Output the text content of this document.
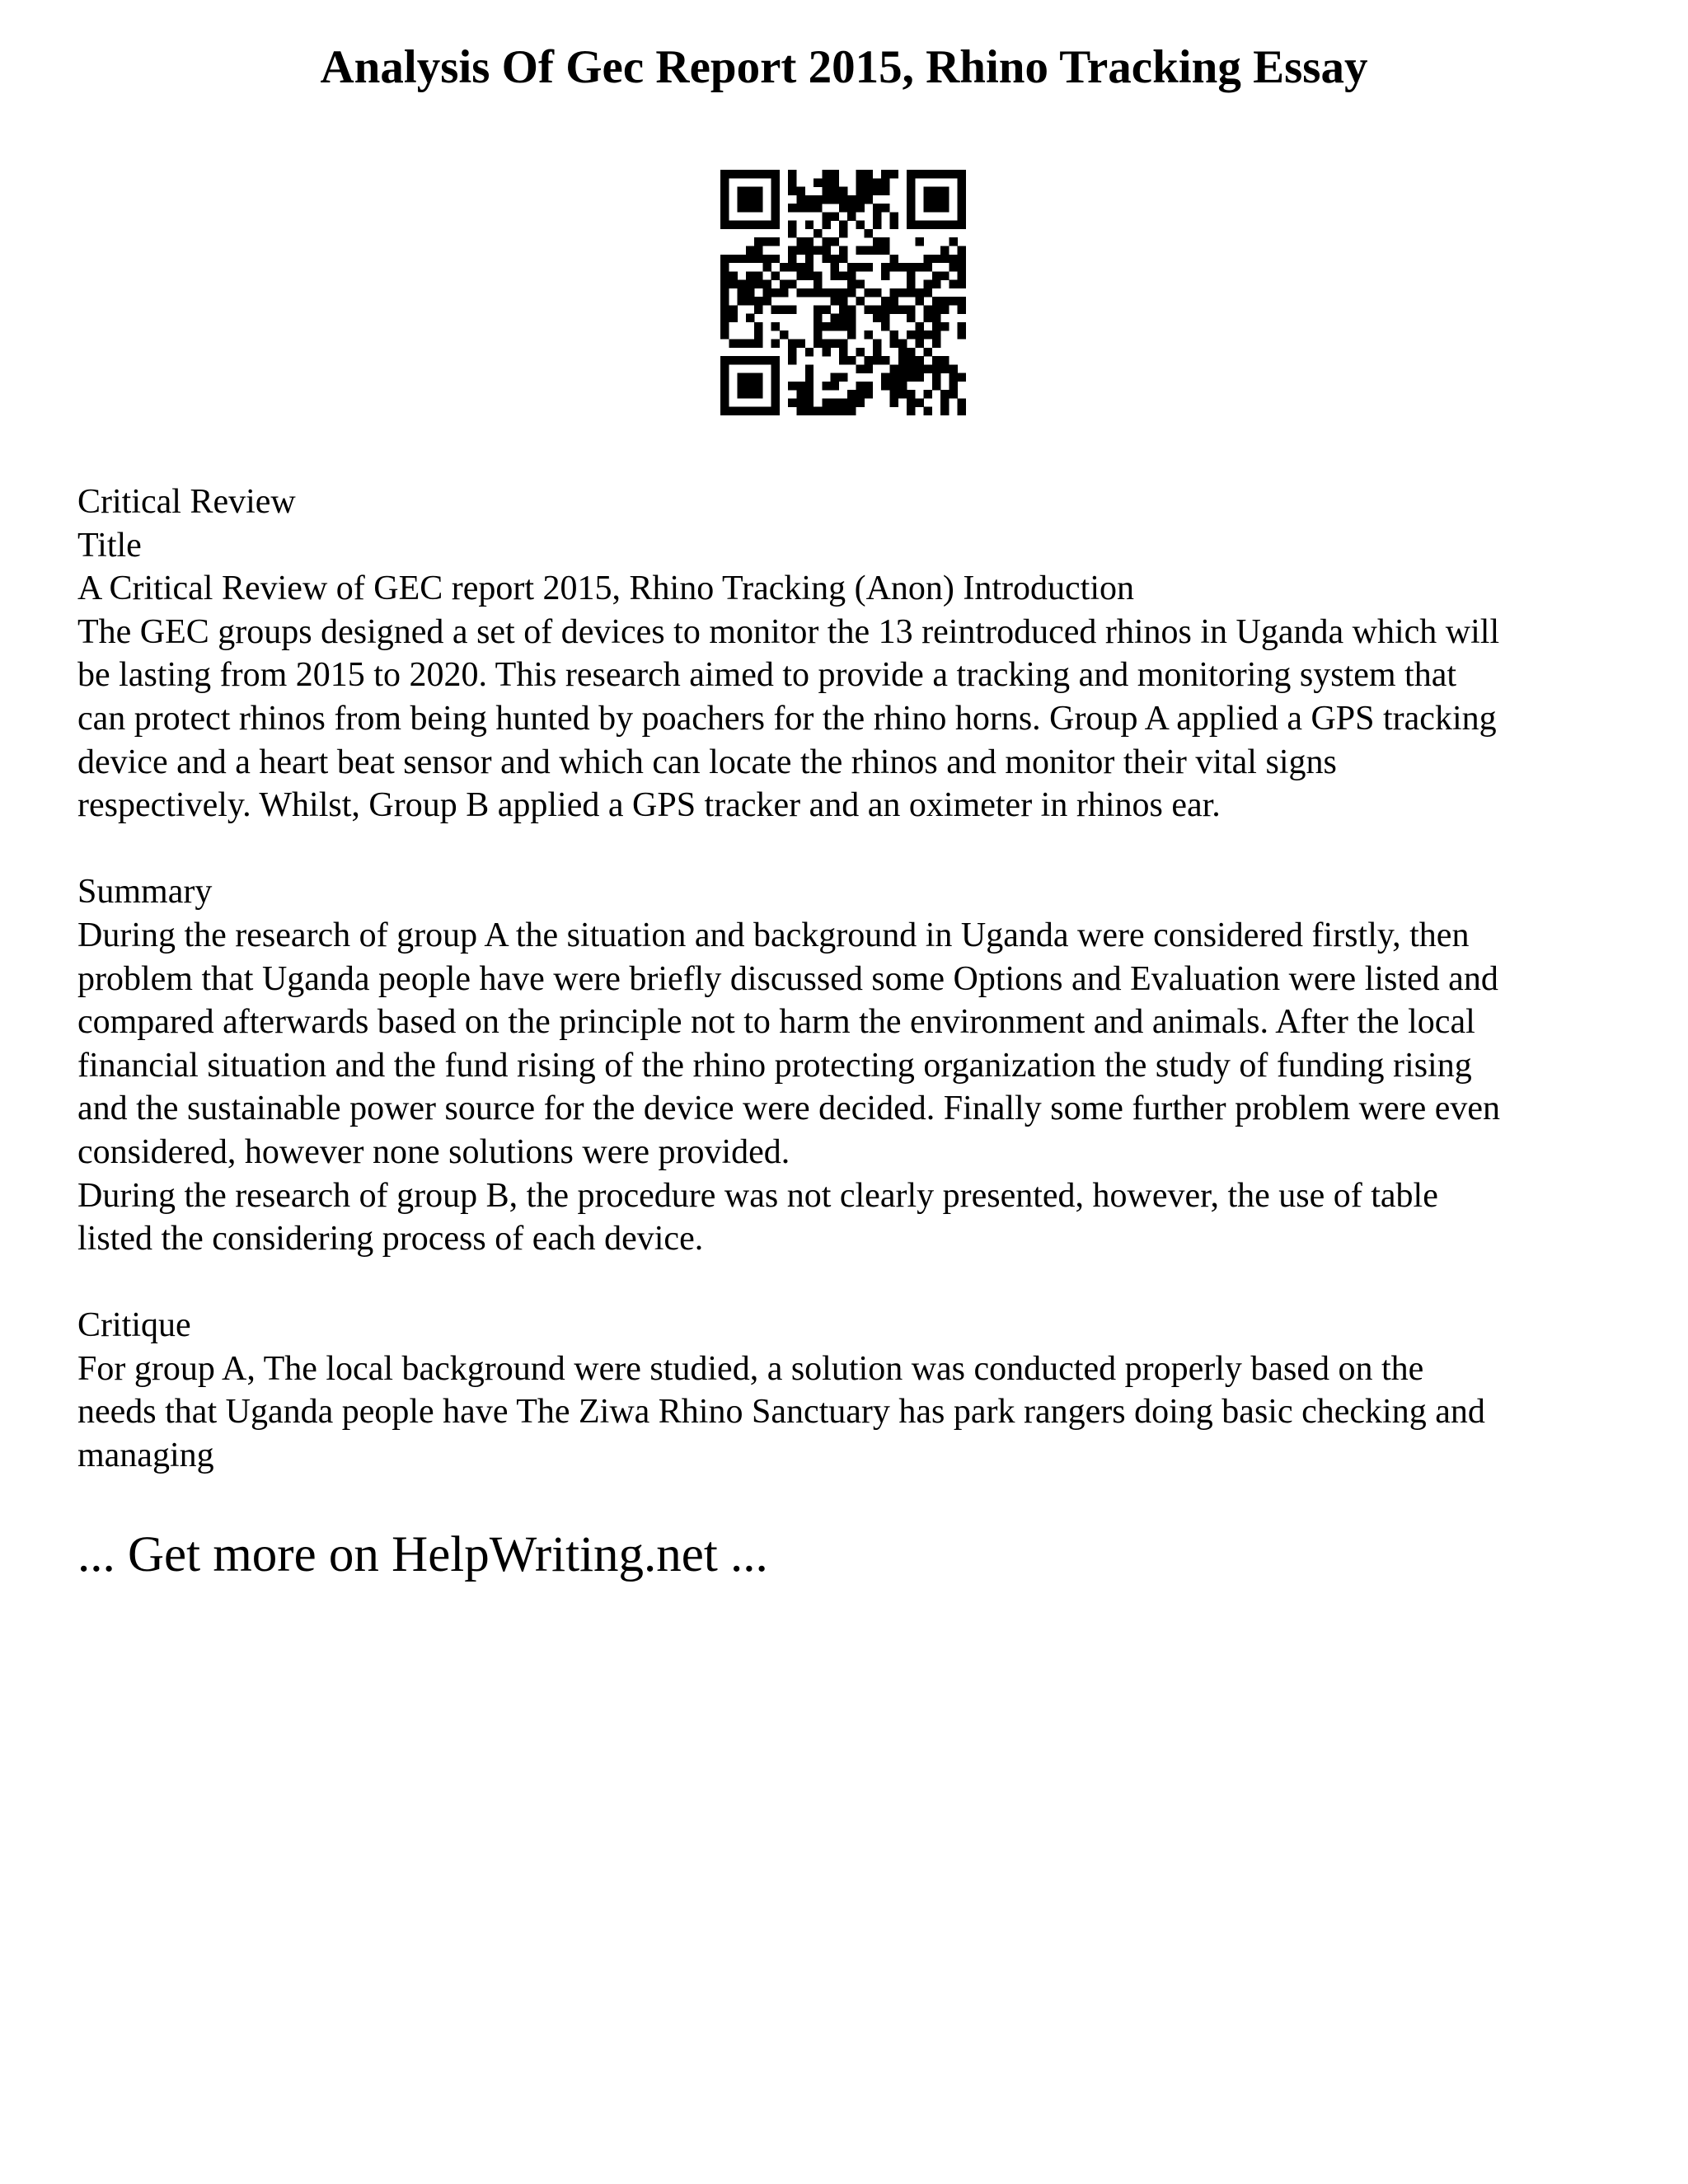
Analysis Of Gec Report 2015, Rhino Tracking Essay
Critical Review
Title
A Critical Review of GEC report 2015, Rhino Tracking (Anon) Introduction
The GEC groups designed a set of devices to monitor the 13 reintroduced rhinos in Uganda which will
be lasting from 2015 to 2020. This research aimed to provide a tracking and monitoring system that
can protect rhinos from being hunted by poachers for the rhino horns. Group A applied a GPS tracking
device and a heart beat sensor and which can locate the rhinos and monitor their vital signs
respectively. Whilst, Group B applied a GPS tracker and an oximeter in rhinos ear.
Summary
During the research of group A the situation and background in Uganda were considered firstly, then
problem that Uganda people have were briefly discussed some Options and Evaluation were listed and
compared afterwards based on the principle not to harm the environment and animals. After the local
financial situation and the fund rising of the rhino protecting organization the study of funding rising
and the sustainable power source for the device were decided. Finally some further problem were even
considered, however none solutions were provided.
During the research of group B, the procedure was not clearly presented, however, the use of table
listed the considering process of each device.
Critique
For group A, The local background were studied, a solution was conducted properly based on the
needs that Uganda people have The Ziwa Rhino Sanctuary has park rangers doing basic checking and
managing
... Get more on HelpWriting.net ...
